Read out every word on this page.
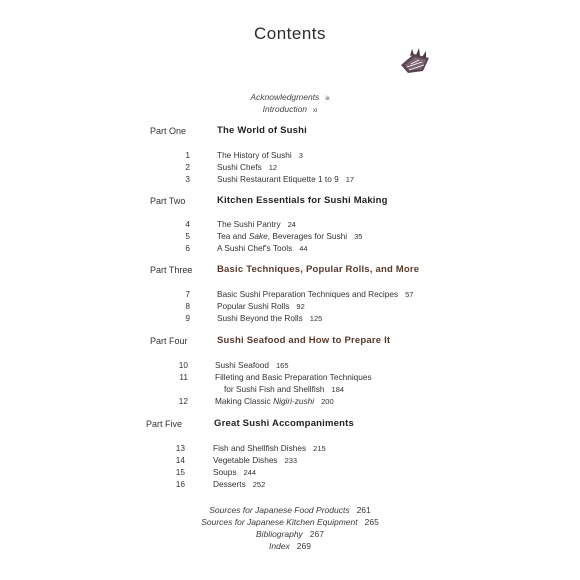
Contents
Acknowledgments ix
Introduction xi
Part One	The World of Sushi
1	The History of Sushi 3
2	Sushi Chefs 12
3	Sushi Restaurant Etiquette 1 to 9 17
Part Two	Kitchen Essentials for Sushi Making
4	The Sushi Pantry 24
5	Tea and Sake, Beverages for Sushi 35
6	A Sushi Chef's Tools 44
Part Three	Basic Techniques, Popular Rolls, and More
7	Basic Sushi Preparation Techniques and Recipes 57
8	Popular Sushi Rolls 92
9	Sushi Beyond the Rolls 125
Part Four	Sushi Seafood and How to Prepare It
10	Sushi Seafood 165
11	Filleting and Basic Preparation Techniques
for Sushi Fish and Shellfish 184
12	Making Classic Nigiri-zushi 200
Part Five	Great Sushi Accompaniments
13	Fish and Shellfish Dishes 215
14	Vegetable Dishes 233
15	Soups 244
16	Desserts 252
Sources for Japanese Food Products 261
Sources for Japanese Kitchen Equipment 265
Bibliography 267
Index 269
